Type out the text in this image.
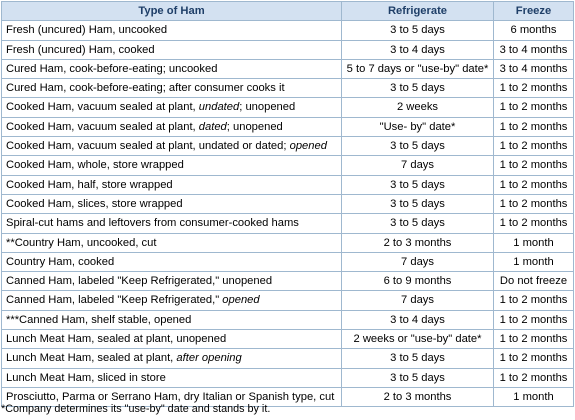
Type of Ham	Refrigerate	Freeze
Fresh (uncured) Ham, uncooked	3 to 5 days	6 months
Fresh (uncured) Ham, cooked	3 to 4 days	3 to 4 months
Cured Ham, cook-before-eating; uncooked	5 to 7 days or "use-by" date*	3 to 4 months
Cured Ham, cook-before-eating; after consumer cooks it	3 to 5 days	1 to 2 months
Cooked Ham, vacuum sealed at plant, undated; unopened	2 weeks	1 to 2 months
Cooked Ham, vacuum sealed at plant, dated; unopened	"Use- by" date*	1 to 2 months
Cooked Ham, vacuum sealed at plant, undated or dated; opened	3 to 5 days	1 to 2 months
Cooked Ham, whole, store wrapped	7 days	1 to 2 months
Cooked Ham, half, store wrapped	3 to 5 days	1 to 2 months
Cooked Ham, slices, store wrapped	3 to 5 days	1 to 2 months
Spiral-cut hams and leftovers from consumer-cooked hams	3 to 5 days	1 to 2 months
**Country Ham, uncooked, cut	2 to 3 months	1 month
Country Ham, cooked	7 days	1 month
Canned Ham, labeled "Keep Refrigerated," unopened	6 to 9 months	Do not freeze
Canned Ham, labeled "Keep Refrigerated," opened	7 days	1 to 2 months
***Canned Ham, shelf stable, opened	3 to 4 days	1 to 2 months
Lunch Meat Ham, sealed at plant, unopened	2 weeks or "use-by" date*	1 to 2 months
Lunch Meat Ham, sealed at plant, after opening	3 to 5 days	1 to 2 months
Lunch Meat Ham, sliced in store	3 to 5 days	1 to 2 months
Prosciutto, Parma or Serrano Ham, dry Italian or Spanish type, cut	2 to 3 months	1 month
*Company determines its "use-by" date and stands by it.
